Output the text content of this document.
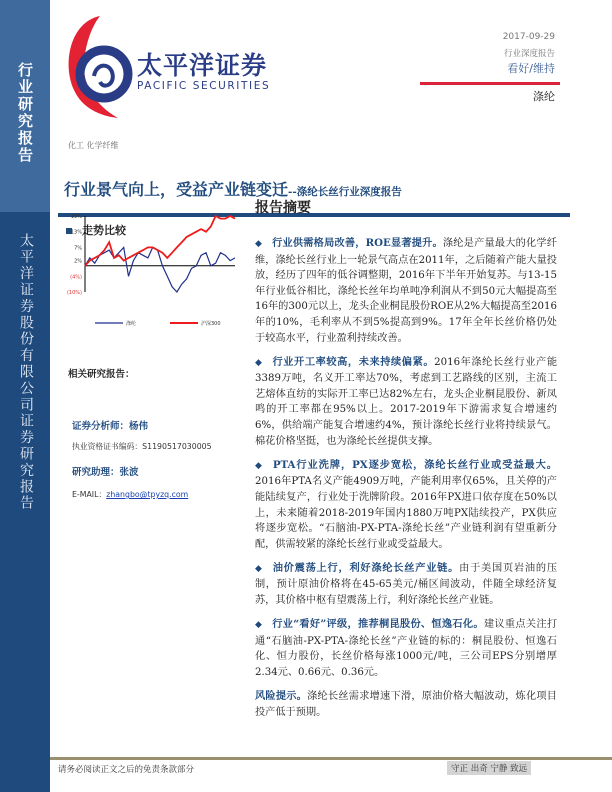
行业研究报告
太平洋证券股份有限公司证券研究报告
太平洋证券
PACIFIC SECURITIES
2017-09-29
行业深度报告
看好/维持
涤纶
化工 化学纤维
行业景气向上，受益产业链变迁--涤纶长丝行业深度报告
走势比较
19%
13%
7%
2%
(4%)
(10%)
涤纶	沪深300
报告摘要

◆ 行业供需格局改善，ROE显著提升。涤纶是产量最大的化学纤维，涤纶长丝行业上一轮景气高点在2011年，之后随着产能大量投放，经历了四年的低谷调整期，2016年下半年开始复苏。与13-15年行业低谷相比，涤纶长丝年均单吨净利润从不到50元大幅提高至16年的300元以上，龙头企业桐昆股份ROE从2%大幅提高至2016年的10%，毛利率从不到5%提高到9%。17年全年长丝价格仍处于较高水平，行业盈利持续改善。

◆ 行业开工率较高，未来持续偏紧。2016年涤纶长丝行业产能3389万吨，名义开工率达70%，考虑到工艺路线的区别，主流工艺熔体直纺的实际开工率已达82%左右，龙头企业桐昆股份、新凤鸣的开工率都在95%以上。2017-2019年下游需求复合增速约6%，供给端产能复合增速约4%，预计涤纶长丝行业将持续景气。棉花价格坚挺，也为涤纶长丝提供支撑。

◆ PTA行业洗牌，PX逐步宽松，涤纶长丝行业或受益最大。2016年PTA名义产能4909万吨，产能利用率仅65%，且关停的产能陆续复产，行业处于洗牌阶段。2016年PX进口依存度在50%以上，未来随着2018-2019年国内1880万吨PX陆续投产，PX供应将逐步宽松。“石脑油-PX-PTA-涤纶长丝”产业链利润有望重新分配，供需较紧的涤纶长丝行业或受益最大。

◆ 油价震荡上行，利好涤纶长丝产业链。由于美国页岩油的压制，预计原油价格将在45-65美元/桶区间波动，伴随全球经济复苏，其价格中枢有望震荡上行，利好涤纶长丝产业链。

◆ 行业“看好”评级，推荐桐昆股份、恒逸石化。建议重点关注打通“石脑油-PX-PTA-涤纶长丝”产业链的标的：桐昆股份、恒逸石化、恒力股份，长丝价格每涨1000元/吨，三公司EPS分别增厚2.34元、0.66元、0.36元。

风险提示。涤纶长丝需求增速下滑，原油价格大幅波动，炼化项目投产低于预期。

相关研究报告：
证券分析师：杨伟
执业资格证书编码：S1190517030005
研究助理：张波
E-MAIL：zhangbo@tpyzq.com
请务必阅读正文之后的免责条款部分	守正 出奇 宁静 致远
